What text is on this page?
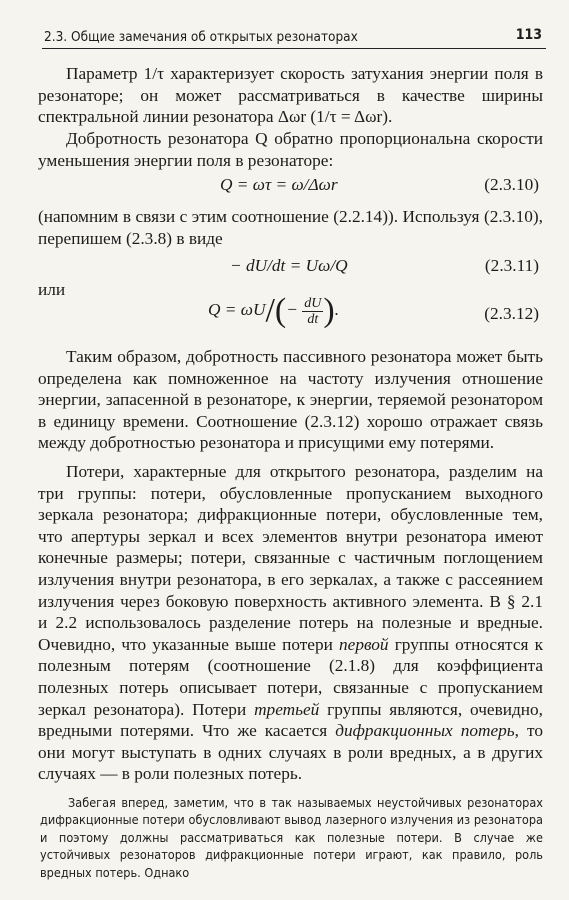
2.3. Общие замечания об открытых резонаторах	113

Параметр 1/τ характеризует скорость затухания энергии поля в резонаторе; он может рассматриваться в качестве ширины спектральной линии резонатора Δωr (1/τ = Δωr).

Добротность резонатора Q обратно пропорциональна скорости уменьшения энергии поля в резонаторе:

Q = ωτ = ω/Δωr	(2.3.10)

(напомним в связи с этим соотношение (2.2.14)). Используя (2.3.10), перепишем (2.3.8) в виде

− dU/dt = Uω/Q	(2.3.11)
или
$Q = \omega U/(- \frac{dU}{dt}$ ).	(2.3.12)

Таким образом, добротность пассивного резонатора может быть определена как помноженное на частоту излучения отношение энергии, запасенной в резонаторе, к энергии, теряемой резонатором в единицу времени. Соотношение (2.3.12) хорошо отражает связь между добротностью резонатора и присущими ему потерями.

Потери, характерные для открытого резонатора, разделим на три группы: потери, обусловленные пропусканием выходного зеркала резонатора; дифракционные потери, обусловленные тем, что апертуры зеркал и всех элементов внутри резонатора имеют конечные размеры; потери, связанные с частичным поглощением излучения внутри резонатора, в его зеркалах, а также с рассеянием излучения через боковую поверхность активного элемента. В § 2.1 и 2.2 использовалось разделение потерь на полезные и вредные. Очевидно, что указанные выше потери первой группы относятся к полезным потерям (соотношение (2.1.8) для коэффициента полезных потерь описывает потери, связанные с пропусканием зеркал резонатора). Потери третьей группы являются, очевидно, вредными потерями. Что же касается дифракционных потерь, то они могут выступать в одних случаях в роли вредных, а в других случаях — в роли полезных потерь.

Забегая вперед, заметим, что в так называемых неустойчивых резонаторах дифракционные потери обусловливают вывод лазерного излучения из резонатора и поэтому должны рассматриваться как полезные потери. В случае же устойчивых резонаторов дифракционные потери играют, как правило, роль вредных потерь. Однако
